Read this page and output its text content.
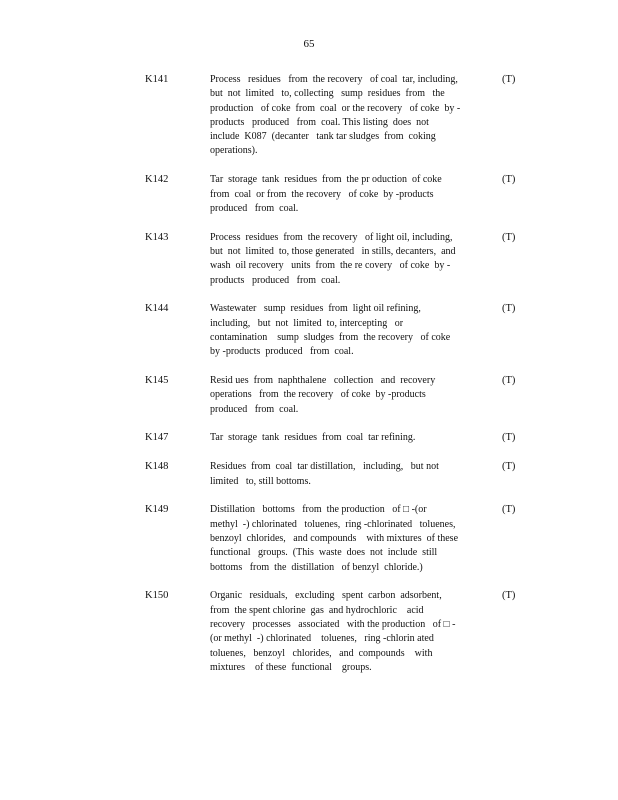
65
K141	Process   residues   from  the recovery   of coal  tar, including,
but  not  limited   to, collecting   sump  residues  from   the
production   of coke  from  coal  or the recovery   of coke  by -
products   produced   from  coal. This listing  does  not
include  K087  (decanter   tank tar sludges  from  coking
operations).
(T)
K142	Tar  storage  tank  residues  from  the pr oduction  of coke
from  coal  or from  the recovery   of coke  by -products
produced   from  coal.
(T)
K143	Process  residues  from  the recovery   of light oil, including,
but  not  limited  to, those generated   in stills, decanters,  and
wash  oil recovery   units  from  the re covery   of coke  by -
products   produced   from  coal.
(T)
K144	Wastewater   sump  residues  from  light oil refining,
including,   but  not  limited  to, intercepting   or
contamination    sump  sludges  from  the recovery   of coke
by -products  produced   from  coal.
(T)
K145	Resid ues  from  naphthalene   collection   and  recovery
operations   from  the recovery   of coke  by -products
produced   from  coal.
(T)
K147	Tar  storage  tank  residues  from  coal  tar refining.	(T)
K148	Residues  from  coal  tar distillation,   including,   but not
limited   to, still bottoms.
(T)
K149	Distillation   bottoms   from  the production   of □ -(or
methyl  -) chlorinated   toluenes,  ring -chlorinated   toluenes,
benzoyl  chlorides,   and compounds    with mixtures  of these
functional   groups.  (This  waste  does  not  include  still
bottoms   from  the  distillation   of benzyl  chloride.)
(T)
K150	Organic   residuals,   excluding   spent  carbon  adsorbent,
from  the spent chlorine  gas  and hydrochloric    acid
recovery   processes   associated   with the production   of □ -
(or methyl  -) chlorinated    toluenes,   ring -chlorin ated
toluenes,   benzoyl   chlorides,   and  compounds    with
mixtures    of these  functional    groups.
(T)
